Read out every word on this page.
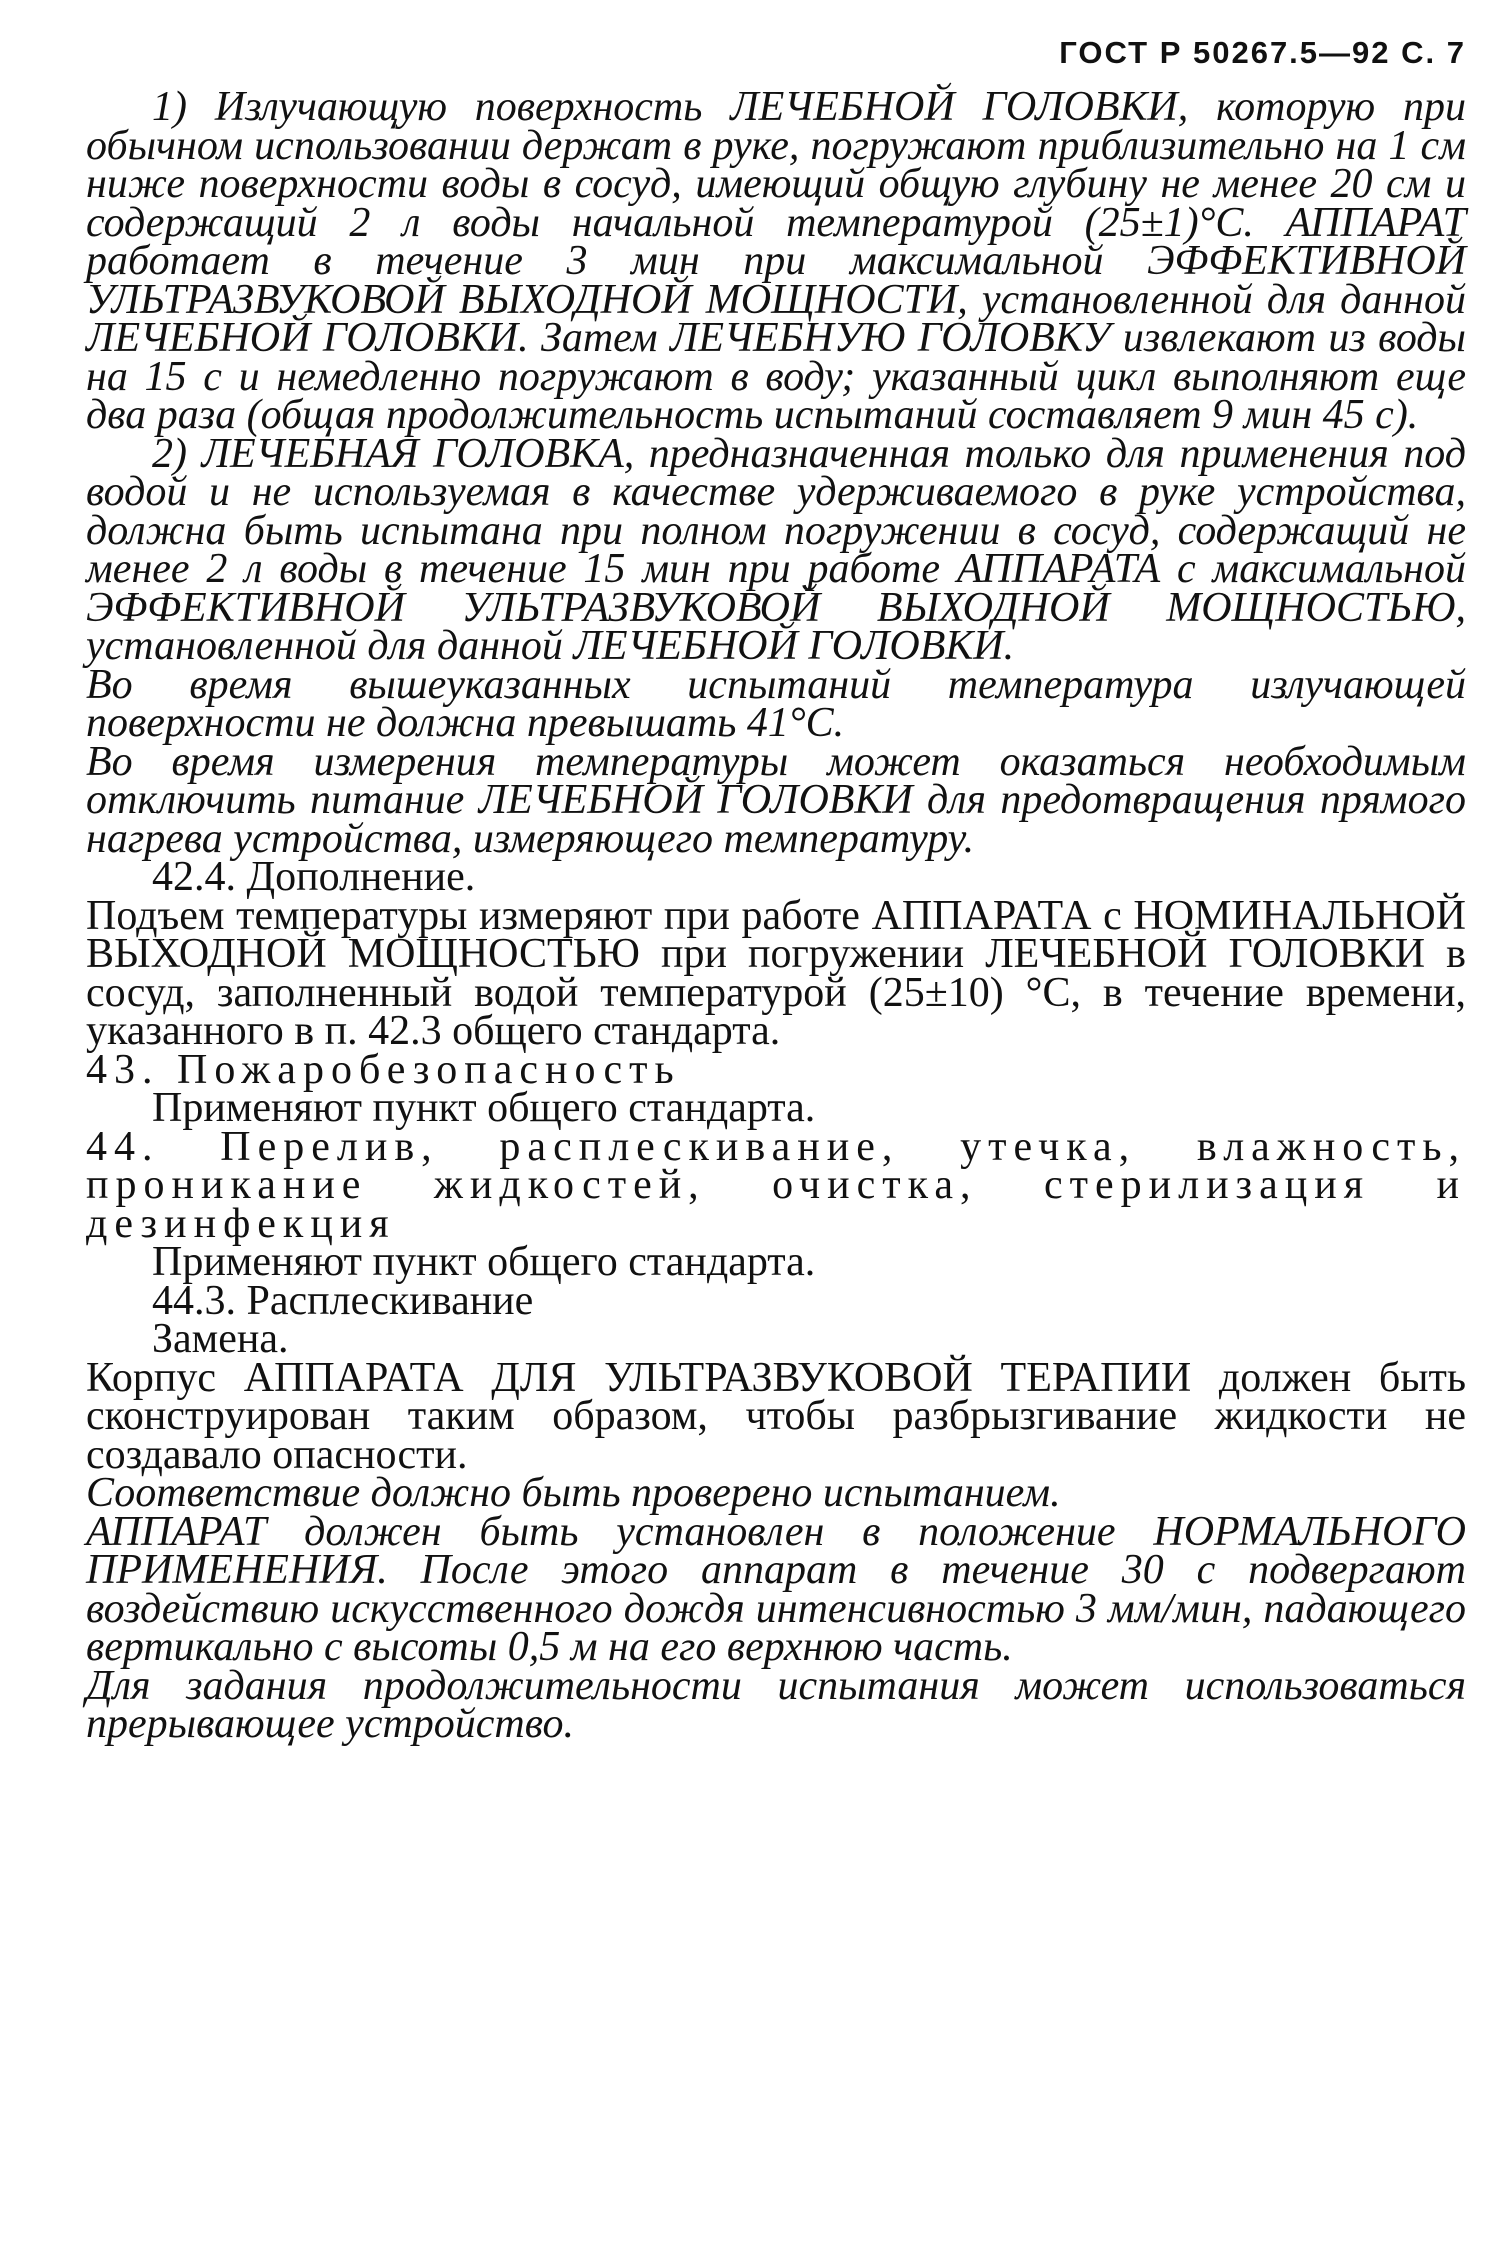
ГОСТ Р 50267.5—92 С. 7

1) Излучающую поверхность ЛЕЧЕБНОЙ ГОЛОВКИ, которую при обычном использовании держат в руке, погружают приблизительно на 1 см ниже поверхности воды в сосуд, имеющий общую глубину не менее 20 см и содержащий 2 л воды начальной температурой (25±1)°С. АППАРАТ работает в течение 3 мин при максимальной ЭФФЕКТИВНОЙ УЛЬТРАЗВУКОВОЙ ВЫХОДНОЙ МОЩНОСТИ, установленной для данной ЛЕЧЕБНОЙ ГОЛОВКИ. Затем ЛЕЧЕБНУЮ ГОЛОВКУ извлекают из воды на 15 с и немедленно погружают в воду; указанный цикл выполняют еще два раза (общая продолжительность испытаний составляет 9 мин 45 с).

2) ЛЕЧЕБНАЯ ГОЛОВКА, предназначенная только для применения под водой и не используемая в качестве удерживаемого в руке устройства, должна быть испытана при полном погружении в сосуд, содержащий не менее 2 л воды в течение 15 мин при работе АППАРАТА с максимальной ЭФФЕКТИВНОЙ УЛЬТРАЗВУКОВОЙ ВЫХОДНОЙ МОЩНОСТЬЮ, установленной для данной ЛЕЧЕБНОЙ ГОЛОВКИ.

Во время вышеуказанных испытаний температура излучающей поверхности не должна превышать 41°С.

Во время измерения температуры может оказаться необходимым отключить питание ЛЕЧЕБНОЙ ГОЛОВКИ для предотвращения прямого нагрева устройства, измеряющего температуру.

42.4. Дополнение.

Подъем температуры измеряют при работе АППАРАТА с НОМИНАЛЬНОЙ ВЫХОДНОЙ МОЩНОСТЬЮ при погружении ЛЕЧЕБНОЙ ГОЛОВКИ в сосуд, заполненный водой температурой (25±10) °С, в течение времени, указанного в п. 42.3 общего стандарта.

43. Пожаробезопасность

Применяют пункт общего стандарта.

44. Перелив, расплескивание, утечка, влажность, проникание жидкостей, очистка, стерилизация и дезинфекция

Применяют пункт общего стандарта.

44.3. Расплескивание

Замена.

Корпус АППАРАТА ДЛЯ УЛЬТРАЗВУКОВОЙ ТЕРАПИИ должен быть сконструирован таким образом, чтобы разбрызгивание жидкости не создавало опасности.

Соответствие должно быть проверено испытанием.

АППАРАТ должен быть установлен в положение НОРМАЛЬНОГО ПРИМЕНЕНИЯ. После этого аппарат в течение 30 с подвергают воздействию искусственного дождя интенсивностью 3 мм/мин, падающего вертикально с высоты 0,5 м на его верхнюю часть.

Для задания продолжительности испытания может использоваться прерывающее устройство.
